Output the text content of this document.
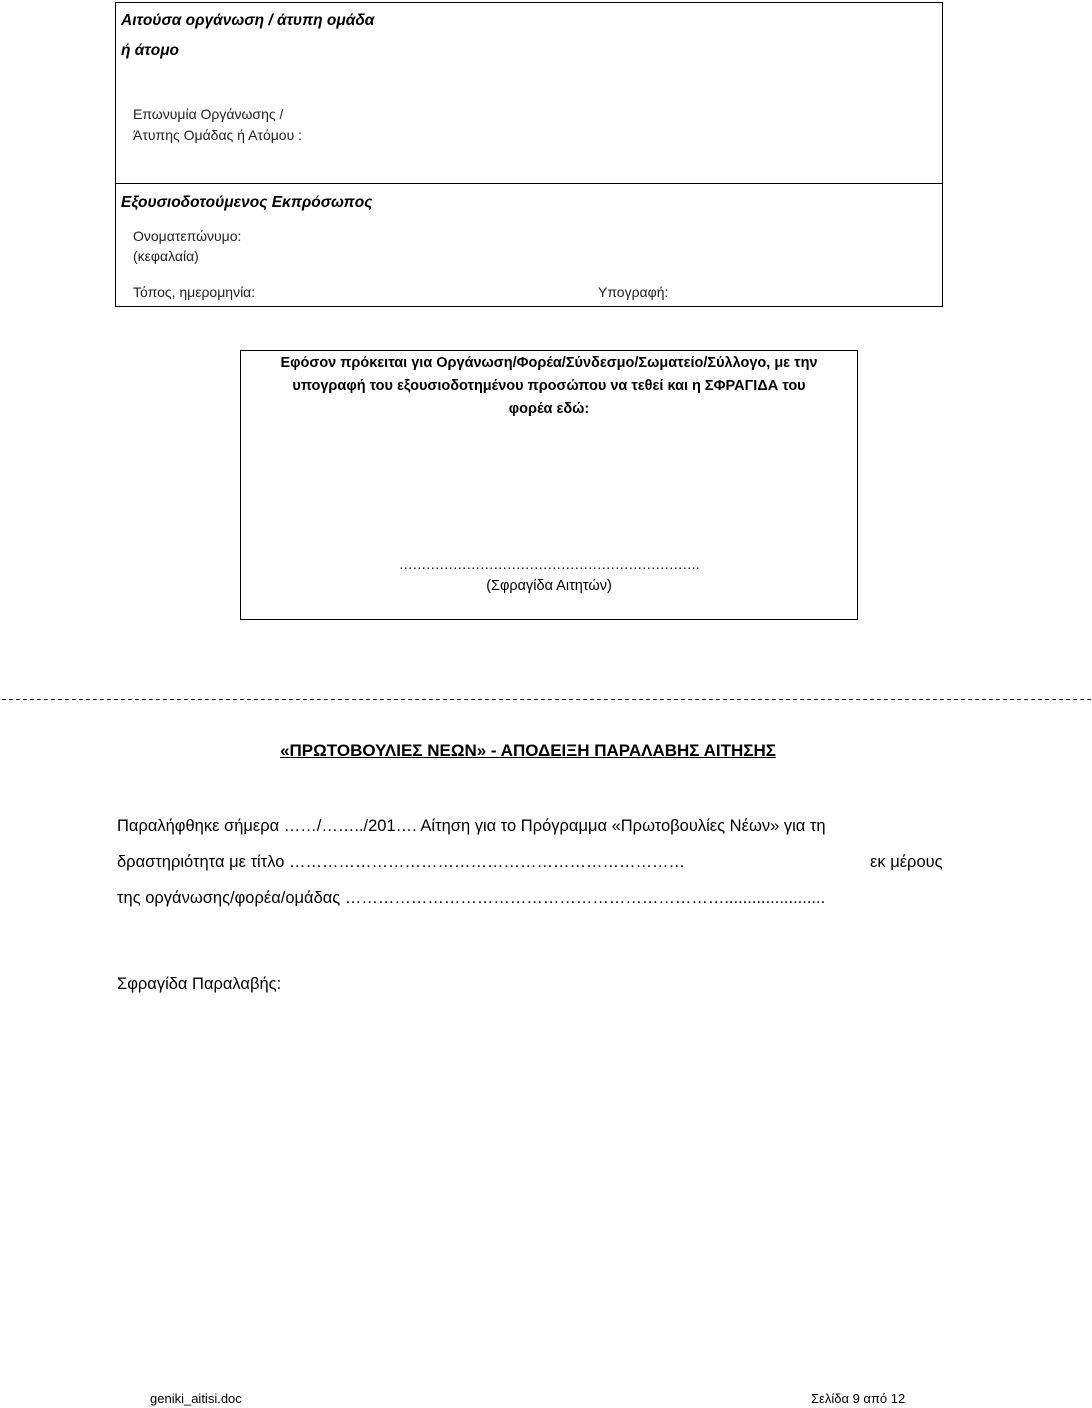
Αιτούσα οργάνωση / άτυπη ομάδα
ή άτομο
Επωνυμία Οργάνωσης /
Άτυπης Ομάδας ή Ατόμου :
Εξουσιοδοτούμενος Εκπρόσωπος
Ονοματεπώνυμο:
(κεφαλαία)
Τόπος, ημερομηνία:	Υπογραφή:
Εφόσον πρόκειται για Οργάνωση/Φορέα/Σύνδεσμο/Σωματείο/Σύλλογο, με την
υπογραφή του εξουσιοδοτημένου προσώπου να τεθεί και η ΣΦΡΑΓΙΔΑ του
φορέα εδώ:
………………………………………………………….
(Σφραγίδα Αιτητών)
------------------------------------------------------------------------------------------------------------------------------------------------------------
«ΠΡΩΤΟΒΟΥΛΙΕΣ ΝΕΩΝ» - ΑΠΟΔΕΙΞΗ ΠΑΡΑΛΑΒΗΣ ΑΙΤΗΣΗΣ
Παραλήφθηκε σήμερα ……/……../201…. Αίτηση για το Πρόγραμμα «Πρωτοβουλίες Νέων» για τη
δραστηριότητα με τίτλο ………………………………………………………………	εκ μέρους
της οργάνωσης/φορέα/ομάδας ……………………………………………………………......................
Σφραγίδα Παραλαβής:
geniki_aitisi.doc	Σελίδα 9 από 12
